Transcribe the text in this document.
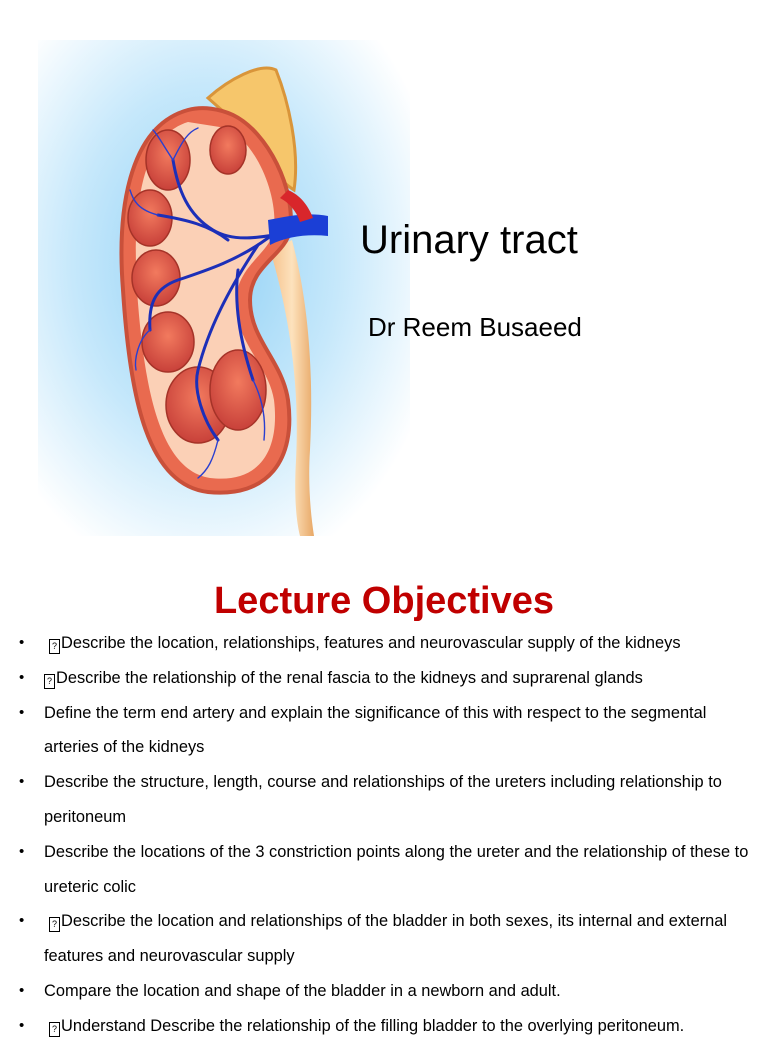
Urinary tract
Dr Reem Busaeed
Lecture Objectives
•	? Describe the location, relationships, features and neurovascular supply of the kidneys
•	? Describe the relationship of the renal fascia to the kidneys and suprarenal glands
• Define the term end artery and explain the significance of this with respect to the segmental arteries of the kidneys
• Describe the structure, length, course and relationships of the ureters including relationship to peritoneum
• Describe the locations of the 3 constriction points along the ureter and the relationship of these to ureteric colic
•	? Describe the location and relationships of the bladder in both sexes, its internal and external features and neurovascular supply
• Compare the location and shape of the bladder in a newborn and adult.
•	? Understand Describe the relationship of the filling bladder to the overlying peritoneum.
